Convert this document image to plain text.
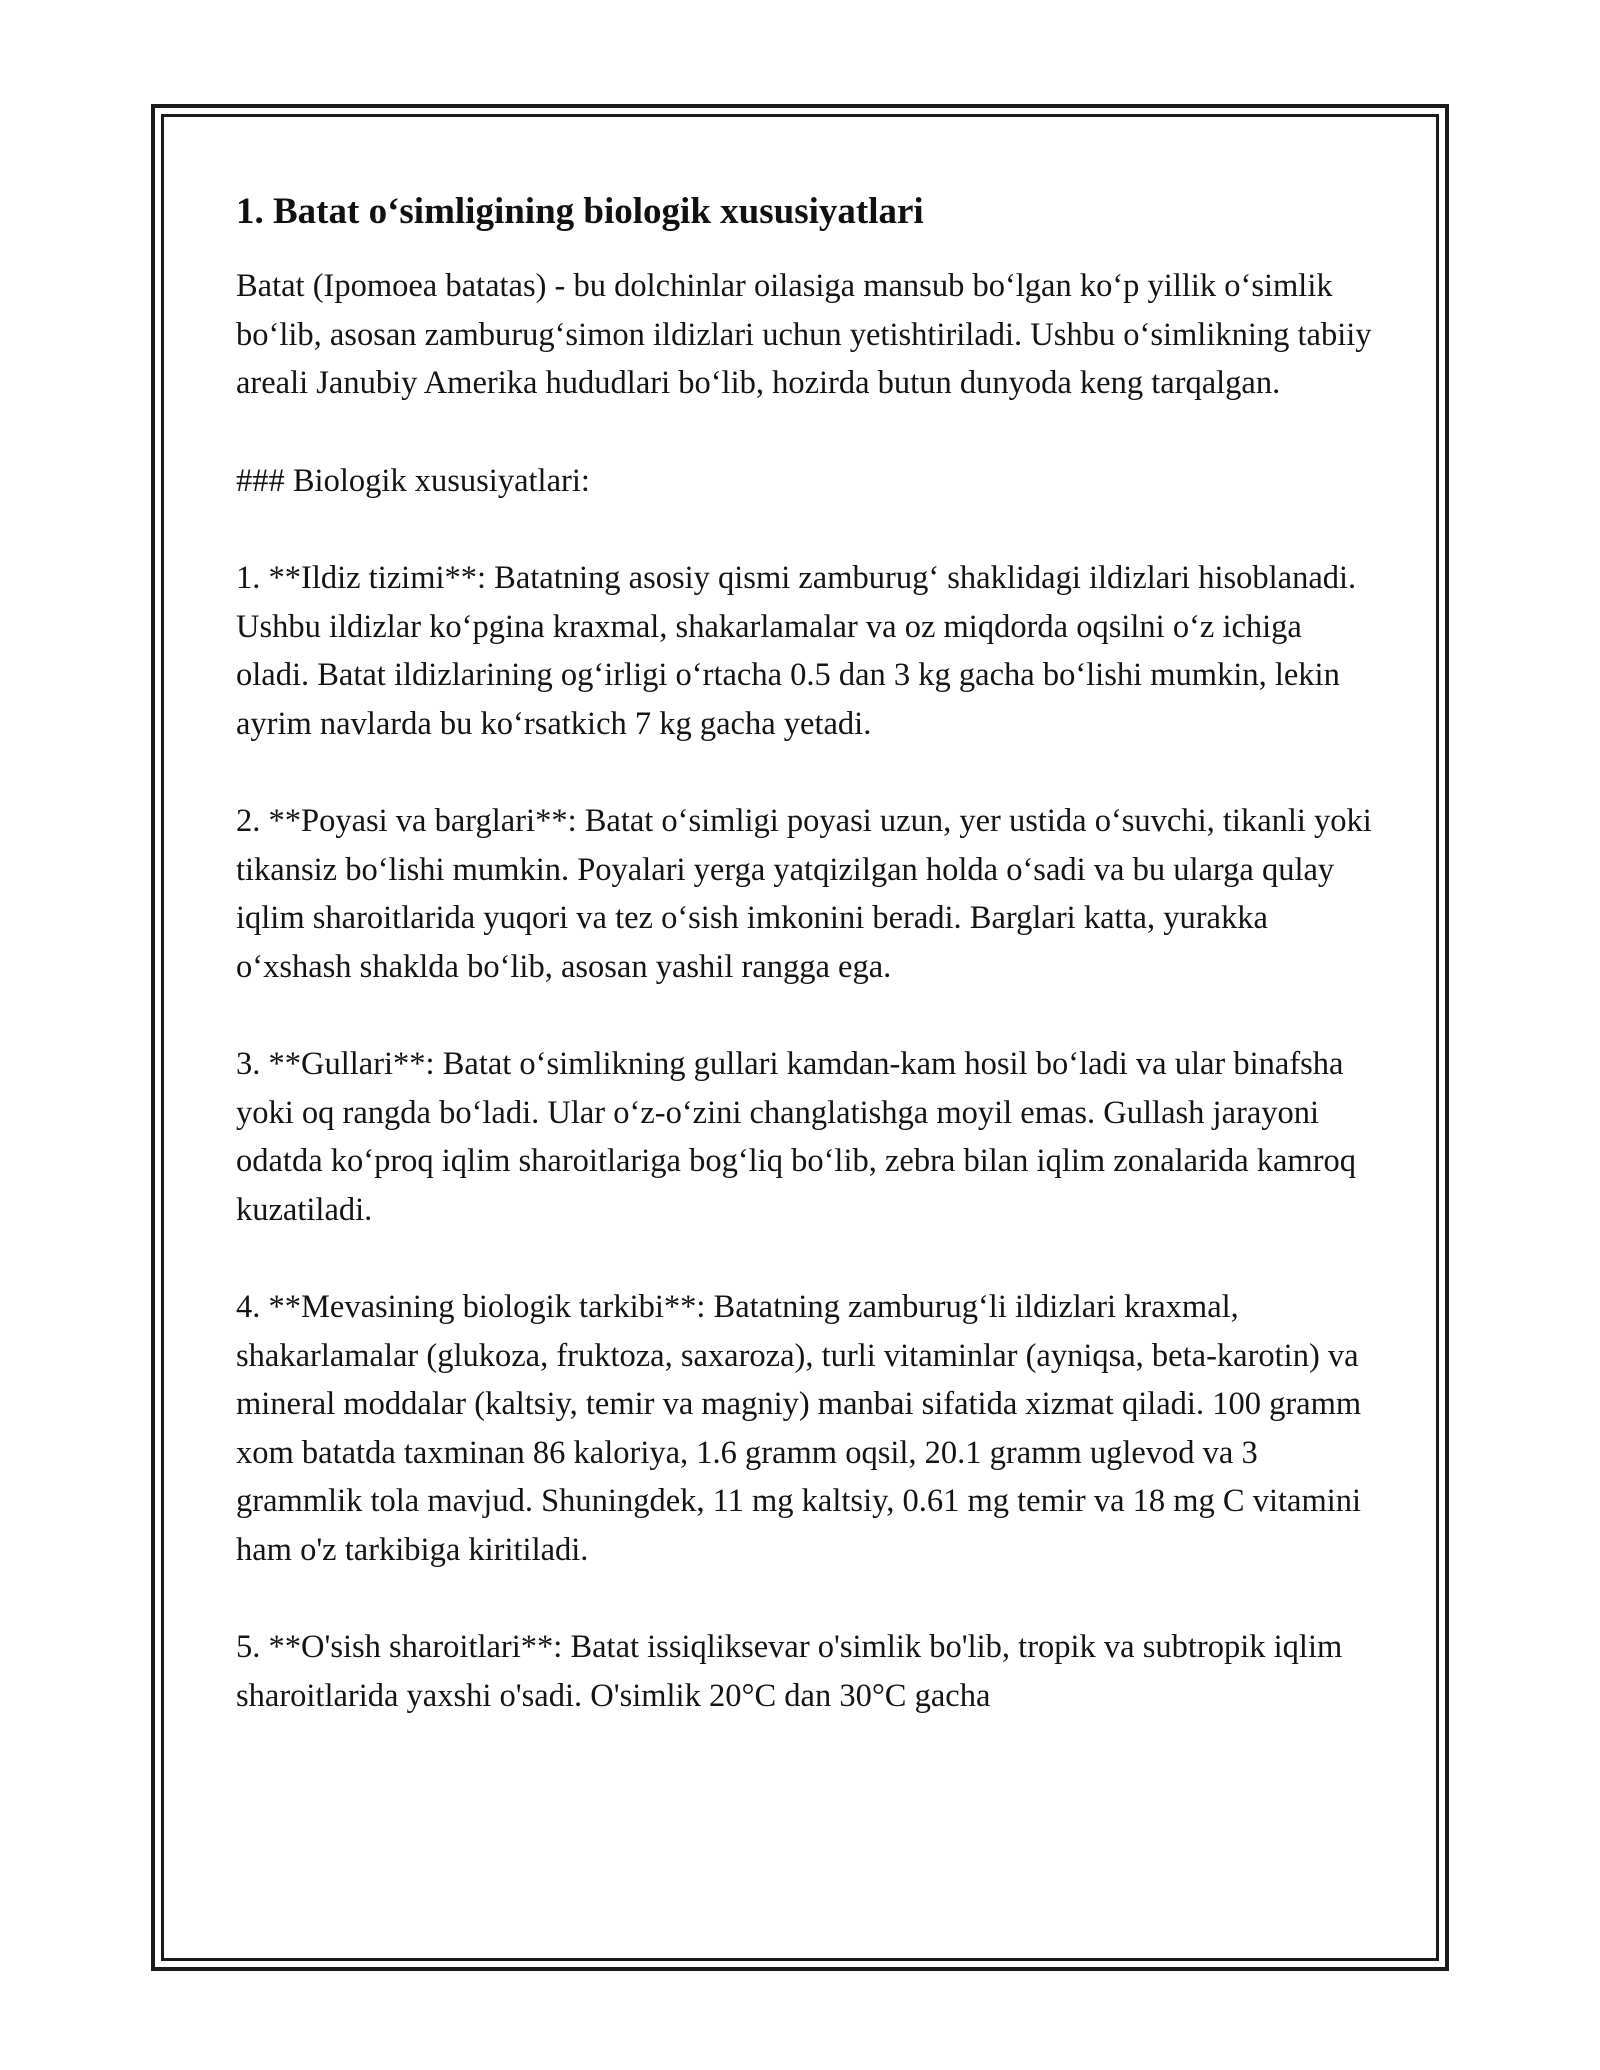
1. Batat o‘simligining biologik xususiyatlari

Batat (Ipomoea batatas) - bu dolchinlar oilasiga mansub bo‘lgan ko‘p yillik o‘simlik bo‘lib, asosan zamburug‘simon ildizlari uchun yetishtiriladi. Ushbu o‘simlikning tabiiy areali Janubiy Amerika hududlari bo‘lib, hozirda butun dunyoda keng tarqalgan.

### Biologik xususiyatlari:

1. **Ildiz tizimi**: Batatning asosiy qismi zamburug‘ shaklidagi ildizlari hisoblanadi. Ushbu ildizlar ko‘pgina kraxmal, shakarlamalar va oz miqdorda oqsilni o‘z ichiga oladi. Batat ildizlarining og‘irligi o‘rtacha 0.5 dan 3 kg gacha bo‘lishi mumkin, lekin ayrim navlarda bu ko‘rsatkich 7 kg gacha yetadi.

2. **Poyasi va barglari**: Batat o‘simligi poyasi uzun, yer ustida o‘suvchi, tikanli yoki tikansiz bo‘lishi mumkin. Poyalari yerga yatqizilgan holda o‘sadi va bu ularga qulay iqlim sharoitlarida yuqori va tez o‘sish imkonini beradi. Barglari katta, yurakka o‘xshash shaklda bo‘lib, asosan yashil rangga ega.

3. **Gullari**: Batat o‘simlikning gullari kamdan-kam hosil bo‘ladi va ular binafsha yoki oq rangda bo‘ladi. Ular o‘z-o‘zini changlatishga moyil emas. Gullash jarayoni odatda ko‘proq iqlim sharoitlariga bog‘liq bo‘lib, zebra bilan iqlim zonalarida kamroq kuzatiladi.

4. **Mevasining biologik tarkibi**: Batatning zamburug‘li ildizlari kraxmal, shakarlamalar (glukoza, fruktoza, saxaroza), turli vitaminlar (ayniqsa, beta-karotin) va mineral moddalar (kaltsiy, temir va magniy) manbai sifatida xizmat qiladi. 100 gramm xom batatda taxminan 86 kaloriya, 1.6 gramm oqsil, 20.1 gramm uglevod va 3 grammlik tola mavjud. Shuningdek, 11 mg kaltsiy, 0.61 mg temir va 18 mg C vitamini ham o'z tarkibiga kiritiladi.

5. **O'sish sharoitlari**: Batat issiqliksevar o'simlik bo'lib, tropik va subtropik iqlim sharoitlarida yaxshi o'sadi. O'simlik 20°C dan 30°C gacha
